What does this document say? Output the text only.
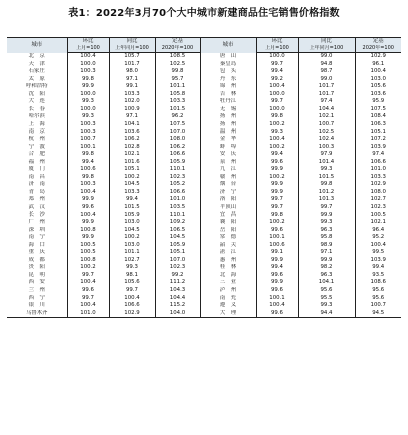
表1：2022年3月70个大中城市新建商品住宅销售价格指数
城市	环比	同比	定基	城市	环比	同比	定基
	上月=100	上年同月=100	2020年=100		上月=100	上年同月=100	2020年=100
北　京	100.4	105.7	108.5	唐　山	100.0	99.0	102.9
天　津	100.0	101.7	102.5	秦皇岛	99.7	94.8	96.1
石家庄	100.3	98.0	99.8	包　头	99.4	98.7	100.4
太　原	99.8	97.1	95.7	丹　东	99.2	99.0	103.0
呼和浩特	99.9	99.1	101.1	锦　州	100.4	101.7	105.6
沈　阳	100.0	103.3	105.8	吉　林	100.0	101.7	103.6
大　连	99.3	102.0	103.3	牡丹江	99.7	97.4	95.9
长　春	100.0	100.9	101.5	无　锡	100.0	104.4	107.5
哈尔滨	99.3	97.1	96.2	扬　州	99.8	102.1	108.4
上　海	100.3	104.1	107.5	扬　州	100.2	100.7	106.3
南　京	100.3	103.6	107.0	温　州	99.3	102.5	105.1
杭　州	100.7	106.2	108.0	金　华	100.4	102.4	107.2
宁　波	100.1	102.8	106.2	蚌　埠	100.2	100.3	103.9
合　肥	99.8	102.1	106.6	安　庆	99.4	97.9	97.4
福　州	99.4	101.6	105.9	泉　州	99.6	101.4	106.6
厦　门	100.6	105.1	110.1	九　江	99.9	99.3	101.0
南　昌	99.8	100.2	102.3	赣　州	100.2	101.5	103.3
济　南	100.3	104.5	105.2	烟　台	99.9	99.8	102.9
青　岛	100.4	103.3	106.6	济　宁	99.9	101.2	108.0
郑　州	99.9	99.4	101.0	洛　阳	99.7	101.3	102.7
武　汉	99.6	101.5	103.5	平顶山	99.7	99.7	102.3
长　沙	100.4	105.9	110.1	宜　昌	99.8	99.9	100.5
广　州	99.9	103.0	109.2	襄　阳	100.2	99.3	102.1
深　圳	100.8	104.5	106.5	岳　阳	99.6	96.3	96.4
南　宁	99.9	100.2	104.5	常　德	100.1	95.8	95.2
海　口	100.5	103.0	105.9	韶　关	100.6	98.9	100.4
重　庆	100.5	101.1	105.1	湛　江	99.1	97.1	99.5
成　都	100.8	102.7	107.0	惠　州	99.9	99.9	103.9
贵　阳	100.2	99.3	102.3	桂　林	99.4	98.2	99.4
昆　明	99.7	98.1	99.2	北　海	99.6	96.3	93.5
西　安	100.4	105.6	111.2	三　亚	99.9	104.1	108.6
兰　州	99.6	99.7	104.3	泸　州	99.6	95.6	95.6
西　宁	99.7	100.4	104.4	南　充	100.1	95.5	95.6
银　川	100.4	106.6	115.2	遵　义	100.4	99.3	100.7
乌鲁木齐	101.0	102.9	104.0	大　理	99.6	94.4	94.5
